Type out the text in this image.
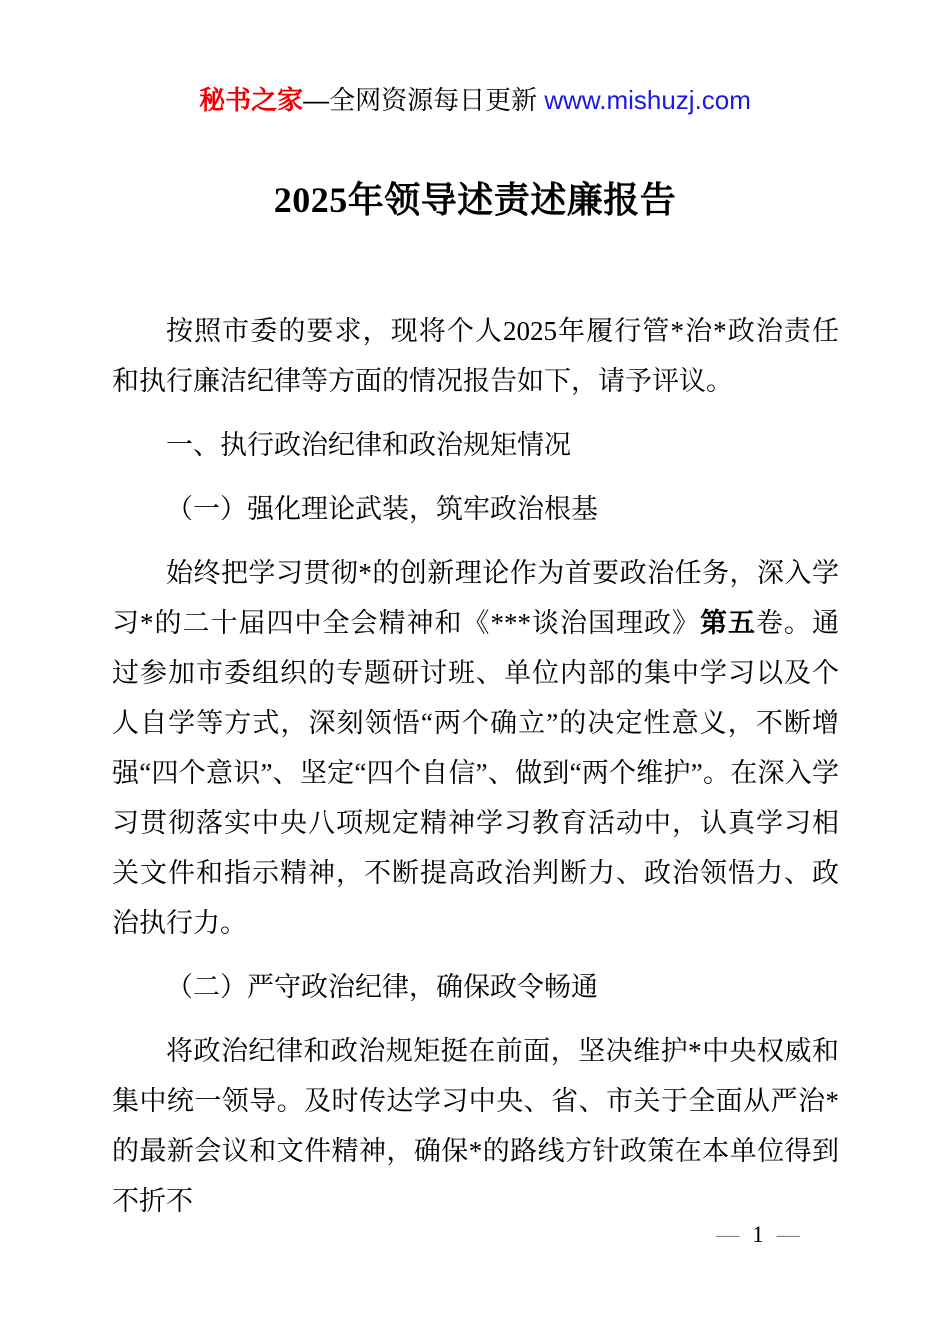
秘书之家—全网资源每日更新 www.mishuzj.com
2025年领导述责述廉报告

按照市委的要求，现将个人2025年履行管*治*政治责任和执行廉洁纪律等方面的情况报告如下，请予评议。

一、执行政治纪律和政治规矩情况

（一）强化理论武装，筑牢政治根基

始终把学习贯彻*的创新理论作为首要政治任务，深入学习*的二十届四中全会精神和《***谈治国理政》第五卷。通过参加市委组织的专题研讨班、单位内部的集中学习以及个人自学等方式，深刻领悟“两个确立”的决定性意义，不断增强“四个意识”、坚定“四个自信”、做到“两个维护”。在深入学习贯彻落实中央八项规定精神学习教育活动中，认真学习相关文件和指示精神，不断提高政治判断力、政治领悟力、政治执行力。

（二）严守政治纪律，确保政令畅通

将政治纪律和政治规矩挺在前面，坚决维护*中央权威和集中统一领导。及时传达学习中央、省、市关于全面从严治*的最新会议和文件精神，确保*的路线方针政策在本单位得到不折不

— 1 —
